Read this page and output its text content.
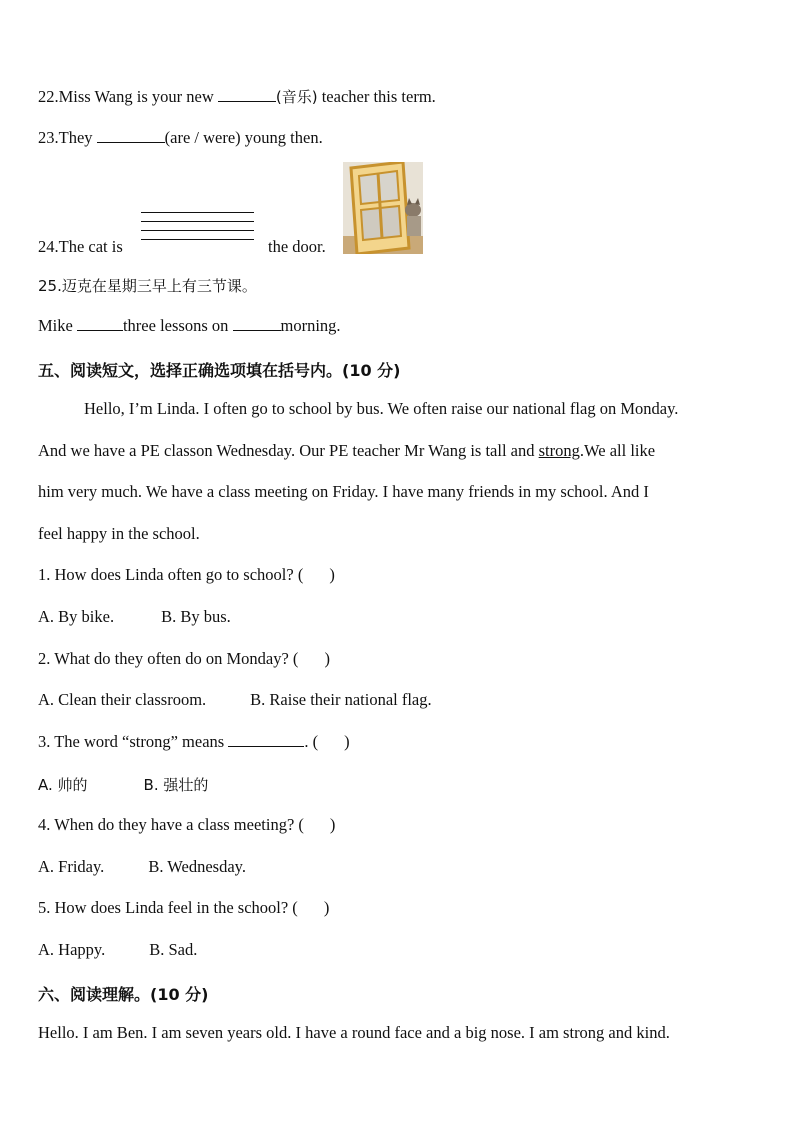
22.Miss Wang is your new	(音乐) teacher this term.
23.They	(are / were) young then.
24.The cat is	the door.
25.迈克在星期三早上有三节课。
Mike	three lessons on	morning.
五、阅读短文，选择正确选项填在括号内。(10 分)
Hello, I’m Linda. I often go to school by bus. We often raise our national flag on Monday.
And we have a PE classon Wednesday. Our PE teacher Mr Wang is tall and strong.We all like
him very much. We have a class meeting on Friday. I have many friends in my school. And I
feel happy in the school.
1. How does Linda often go to school? ( )
A. By bike.	B. By bus.
2. What do they often do on Monday? ( )
A. Clean their classroom.	B. Raise their national flag.
3. The word “strong” means	. ( )
A. 帅的	B. 强壮的
4. When do they have a class meeting? ( )
A. Friday.	B. Wednesday.
5. How does Linda feel in the school? ( )
A. Happy.	B. Sad.
六、阅读理解。(10 分)
Hello. I am Ben. I am seven years old. I have a round face and a big nose. I am strong and kind.
